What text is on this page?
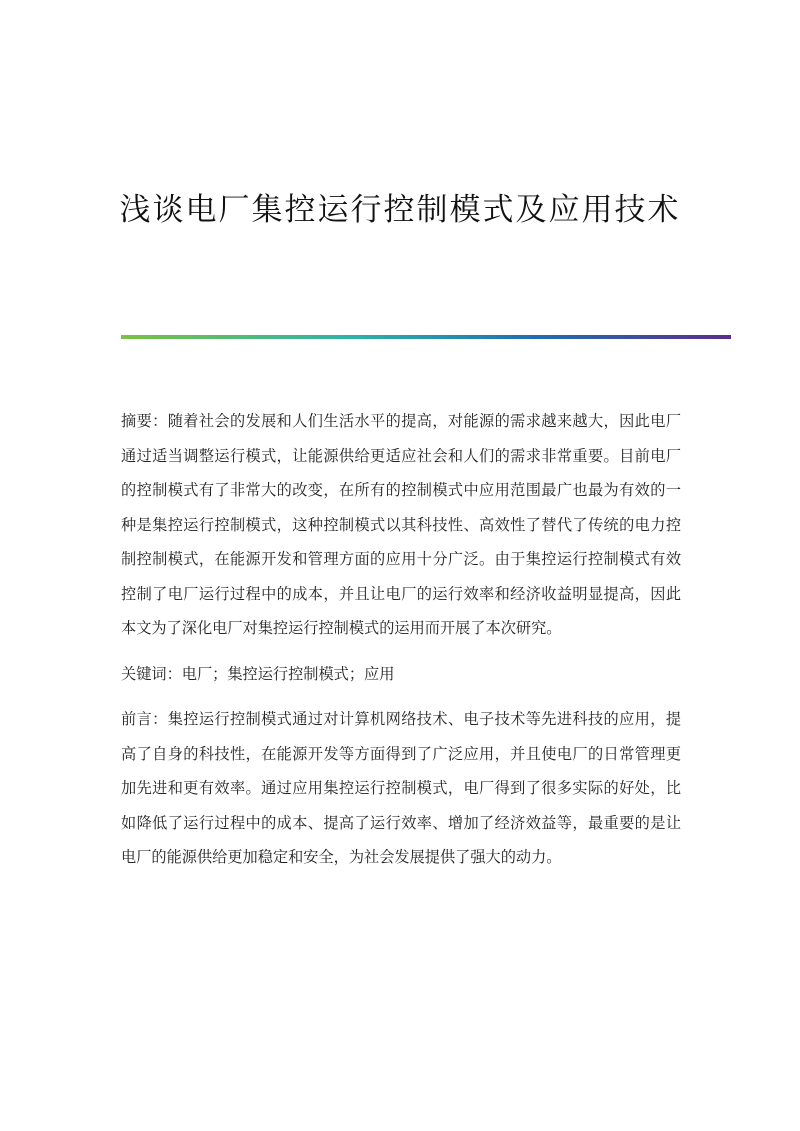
浅谈电厂集控运行控制模式及应用技术

摘要：随着社会的发展和人们生活水平的提高，对能源的需求越来越大，因此电厂通过适当调整运行模式，让能源供给更适应社会和人们的需求非常重要。目前电厂的控制模式有了非常大的改变，在所有的控制模式中应用范围最广也最为有效的一种是集控运行控制模式，这种控制模式以其科技性、高效性了替代了传统的电力控制控制模式，在能源开发和管理方面的应用十分广泛。由于集控运行控制模式有效控制了电厂运行过程中的成本，并且让电厂的运行效率和经济收益明显提高，因此本文为了深化电厂对集控运行控制模式的运用而开展了本次研究。

关键词：电厂；集控运行控制模式；应用

前言：集控运行控制模式通过对计算机网络技术、电子技术等先进科技的应用，提高了自身的科技性，在能源开发等方面得到了广泛应用，并且使电厂的日常管理更加先进和更有效率。通过应用集控运行控制模式，电厂得到了很多实际的好处，比如降低了运行过程中的成本、提高了运行效率、增加了经济效益等，最重要的是让电厂的能源供给更加稳定和安全，为社会发展提供了强大的动力。
